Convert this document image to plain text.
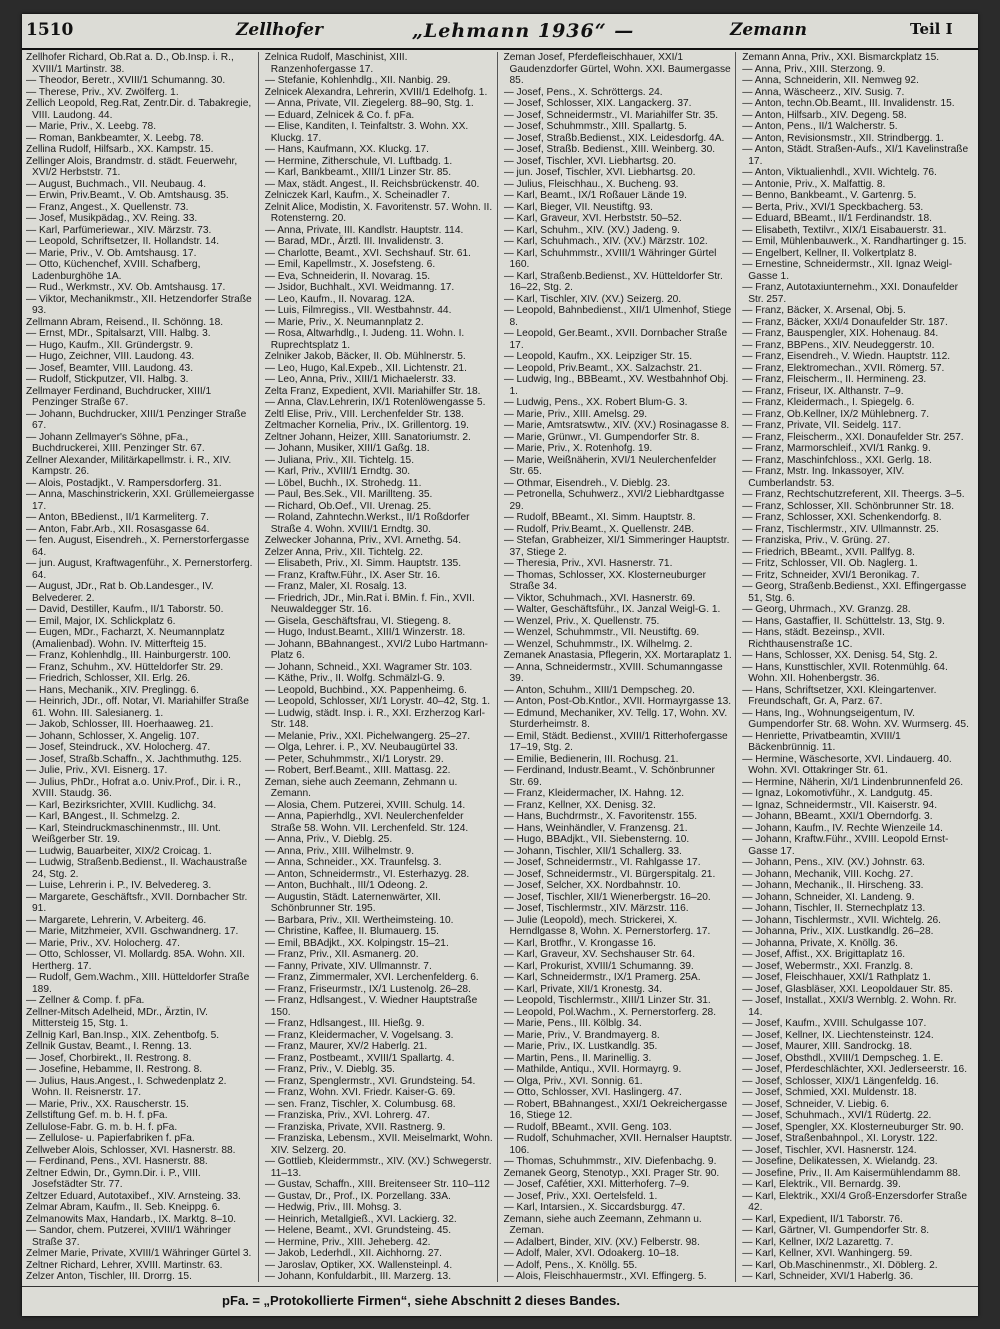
1510	Zellhofer	„Lehmann 1936“ —	Zemann	Teil I

Zellhofer Richard, Ob.Rat a. D., Ob.Insp. i. R., XVIII/1 Martinstr. 38.

— Theodor, Beretr., XVIII/1 Schumanng. 30.

— Therese, Priv., XV. Zwölferg. 1.

Zellich Leopold, Reg.Rat, Zentr.Dir. d. Tabakregie, VIII. Laudong. 44.

— Marie, Priv., X. Leebg. 78.

— Roman, Bankbeamter, X. Leebg. 78.

Zellina Rudolf, Hilfsarb., XX. Kampstr. 15.

Zellinger Alois, Brandmstr. d. städt. Feuerwehr, XVI/2 Herbststr. 71.

— August, Buchmach., VII. Neubaug. 4.

— Erwin, Priv.Beamt., V. Ob. Amtshausg. 35.

— Franz, Angest., X. Quellenstr. 73.

— Josef, Musikpädag., XV. Reing. 33.

— Karl, Parfümeriewar., XIV. Märzstr. 73.

— Leopold, Schriftsetzer, II. Hollandstr. 14.

— Marie, Priv., V. Ob. Amtshausg. 17.

— Otto, Küchenchef, XVIII. Schafberg, Ladenburghöhe 1A.

— Rud., Werkmstr., XV. Ob. Amtshausg. 17.

— Viktor, Mechanikmstr., XII. Hetzendorfer Straße 93.

Zellmann Abram, Reisend., II. Schönng. 18.

— Ernst, MDr., Spitalsarzt, VIII. Halbg. 3.

— Hugo, Kaufm., XII. Gründergstr. 9.

— Hugo, Zeichner, VIII. Laudong. 43.

— Josef, Beamter, VIII. Laudong. 43.

— Rudolf, Stickputzer, VII. Halbg. 3.

Zellmayer Ferdinand, Buchdrucker, XIII/1 Penzinger Straße 67.

— Johann, Buchdrucker, XIII/1 Penzinger Straße 67.

— Johann Zellmayer's Söhne, pFa., Buchdruckerei, XIII. Penzinger Str. 67.

Zellner Alexander, Militärkapellmstr. i. R., XIV. Kampstr. 26.

— Alois, Postadjkt., V. Rampersdorferg. 31.

— Anna, Maschinstrickerin, XXI. Grüllemeiergasse 17.

— Anton, BBedienst., II/1 Karmeliterg. 7.

— Anton, Fabr.Arb., XII. Rosasgasse 64.

— fen. August, Eisendreh., X. Pernerstorfergasse 64.

— jun. August, Kraftwagenführ., X. Pernerstorferg. 64.

— August, JDr., Rat b. Ob.Landesger., IV. Belvederег. 2.

— David, Destiller, Kaufm., II/1 Taborstr. 50.

— Emil, Major, IX. Schlickplatz 6.

— Eugen, MDr., Facharzt, X. Neumannplatz (Amalienbad). Wohn. IV. Mitterfteig 15.

— Franz, Kohlenhdlg., III. Hainburgerstr. 100.

— Franz, Schuhm., XV. Hütteldorfer Str. 29.

— Friedrich, Schlosser, XII. Erlg. 26.

— Hans, Mechanik., XIV. Preglingg. 6.

— Heinrich, JDr., off. Notar, VI. Mariahilfer Straße 61. Wohn. III. Salesianerg. 1.

— Jakob, Schlosser, III. Hoerhaaweg. 21.

— Johann, Schlosser, X. Angelig. 107.

— Josef, Steindruck., XV. Holocherg. 47.

— Josef, Straßb.Schaffn., X. Jachthmuthg. 125.

— Julie, Priv., XVI. Eisnerg. 17.

— Julius, PhDr., Hofrat a.o. Univ.Prof., Dir. i. R., XVIII. Staudg. 36.

— Karl, Bezirksrichter, XVIII. Kudlichg. 34.

— Karl, BAngest., II. Schmelzg. 2.

— Karl, Steindruckmaschinenmstr., III. Unt. Weißgerber Str. 19.

— Ludwig, Bauarbeiter, XIX/2 Croicag. 1.

— Ludwig, Straßenb.Bedienst., II. Wachaustraße 24, Stg. 2.

— Luise, Lehrerin i. P., IV. Belvederеg. 3.

— Margarete, Geschäftsfr., XVII. Dornbacher Str. 91.

— Margarete, Lehrerin, V. Arbeiterg. 46.

— Marie, Mitzhmeier, XVII. Gschwandnerg. 17.

— Marie, Priv., XV. Holocherg. 47.

— Otto, Schlosser, VI. Mollardg. 85A. Wohn. XII. Hertherg. 17.

— Rudolf, Gem.Wachm., XIII. Hütteldorfer Straße 189.

— Zellner & Comp. f. pFa.

Zellner-Mitsch Adelheid, MDr., Ärztin, IV. Mittersteig 15, Stg. 1.

Zellnig Karl, Ban.Insp., XIX. Zehentbofg. 5.

Zellnik Gustav, Beamt., I. Renng. 13.

— Josef, Chorbirekt., II. Restrong. 8.

— Josefine, Hebamme, II. Restrong. 8.

— Julius, Haus.Angest., I. Schwedenplatz 2. Wohn. II. Reisnerstr. 17.

— Marie, Priv., XX. Rauscherstr. 15.

Zellstiftung Gef. m. b. H. f. pFa.

Zellulose-Fabr. G. m. b. H. f. pFa.

— Zellulose- u. Papierfabriken f. pFa.

Zellweber Alois, Schlosser, XVI. Hasnerstr. 88.

— Ferdinand, Pens., XVI. Hasnerstr. 88.

Zeltner Edwin, Dr., Gymn.Dir. i. P., VIII. Josefstädter Str. 77.

Zeltzer Eduard, Autotaxibef., XIV. Arnsteing. 33.

Zelmar Abram, Kaufm., II. Seb. Kneippg. 6.

Zelmanowits Max, Handarb., IX. Marktg. 8–10.

— Sandor, chem. Putzerei, XVIII/1 Währinger Straße 37.

Zelmer Marie, Private, XVIII/1 Währinger Gürtel 3.

Zeltner Richard, Lehrer, XVIII. Martinstr. 63.

Zelzer Anton, Tischler, III. Drorrg. 15.

Zelnica Rudolf, Maschinist, XIII. Ranzenhofergasse 17.

— Stefanie, Kohlenhdlg., XII. Nanbig. 29.

Zelnicek Alexandra, Lehrerin, XVIII/1 Edelhofg. 1.

— Anna, Private, VII. Ziegelerg. 88–90, Stg. 1.

— Eduard, Zelnicek & Co. f. pFa.

— Elise, Kanditen, I. Teinfaltstr. 3. Wohn. XX. Kluckg. 17.

— Hans, Kaufmann, XX. Kluckg. 17.

— Hermine, Zitherschule, VI. Luftbadg. 1.

— Karl, Bankbeamt., XIII/1 Linzer Str. 85.

— Max, städt. Angest., II. Reichsbrückenstr. 40.

Zelniczek Karl, Kaufm., X. Scheinadler 7.

Zelnit Alice, Modistin, X. Favoritenstr. 57. Wohn. II. Rotensterng. 20.

— Anna, Private, III. Kandlstr. Hauptstr. 114.

— Barad, MDr., Ärztl. III. Invalidenstr. 3.

— Charlotte, Beamt., XVI. Sechshauf. Str. 61.

— Emil, Kapellmstr., X. Josefsteng. 6.

— Eva, Schneiderin, II. Novarag. 15.

— Jsidor, Buchhalt., XVI. Weidmanng. 17.

— Leo, Kaufm., II. Novarag. 12A.

— Luis, Filmregiss., VII. Westbahnstr. 44.

— Marie, Priv., X. Neumannplatz 2.

— Rosa, Altwarhdlg., I. Judeng. 11. Wohn. I. Ruprechtsplatz 1.

Zelniker Jakob, Bäcker, II. Ob. Mühlnerstr. 5.

— Leo, Hugo, Kal.Expeb., XII. Lichtenstr. 21.

— Leo, Anna, Priv., XIII/1 Michaelerstr. 33.

Zelta Franz, Expedient, XVII. Mariahilfer Str. 18.

— Anna, Clav.Lehrerin, IX/1 Rotenlöwengasse 5.

Zeltl Elise, Priv., VIII. Lerchenfelder Str. 138.

Zeltmacher Kornelia, Priv., IX. Grillentorg. 19.

Zeltner Johann, Heizer, XIII. Sanatoriumstr. 2.

— Johann, Musiker, XIII/1 Gaßg. 18.

— Juliana, Priv., XII. Tichtelg. 15.

— Karl, Priv., XVIII/1 Erndtg. 30.

— Löbel, Buchh., IX. Strohedg. 11.

— Paul, Bes.Sek., VII. Marillteng. 35.

— Richard, Ob.Oef., VII. Urenag. 25.

— Roland, Zahntechn.Werkst., II/1 Roßdorfer Straße 4. Wohn. XVIII/1 Erndtg. 30.

Zelwecker Johanna, Priv., XVI. Arnethg. 54.

Zelzer Anna, Priv., XII. Tichtelg. 22.

— Elisabeth, Priv., XI. Simm. Hauptstr. 135.

— Franz, Kraftw.Führ., IX. Aser Str. 16.

— Franz, Maler, XI. Rosalg. 13.

— Friedrich, JDr., Min.Rat i. BMin. f. Fin., XVII. Neuwaldegger Str. 16.

— Gisela, Geschäftsfrau, VI. Stiegeng. 8.

— Hugo, Indust.Beamt., XIII/1 Winzerstr. 18.

— Johann, BBahnangest., XVI/2 Lubo Hartmann-Platz 6.

— Johann, Schneid., XXI. Wagramer Str. 103.

— Käthe, Priv., II. Wolfg. Schmälzl-G. 9.

— Leopold, Buchbind., XX. Pappenheimg. 6.

— Leopold, Schlosser, XI/1 Lorystr. 40–42, Stg. 1.

— Ludwig, städt. Insp. i. R., XXI. Erzherzog Karl-Str. 148.

— Melanie, Priv., XXI. Pichelwangerg. 25–27.

— Olga, Lehrer. i. P., XV. Neubaugürtel 33.

— Peter, Schuhmmstr., XI/1 Lorystr. 29.

— Robert, Berf.Beamt., XIII. Mattasg. 22.

Zeman, siehe auch Zeemann, Zehmann u. Zemann.

— Alosia, Chem. Putzerei, XVIII. Schulg. 14.

— Anna, Papierhdlg., XVI. Neulerchenfelder Straße 58. Wohn. VII. Lerchenfeld. Str. 124.

— Anna, Priv., V. Dieblg. 25.

— Anna, Priv., XIII. Wilhelmstr. 9.

— Anna, Schneider., XX. Traunfelsg. 3.

— Anton, Schneidermstr., VI. Esterhazyg. 28.

— Anton, Buchhalt., III/1 Odeong. 2.

— Augustin, Städt. Laternenwärter, XII. Schönbrunner Str. 195.

— Barbara, Priv., XII. Wertheimsteing. 10.

— Christine, Kaffee, II. Blumauerg. 15.

— Emil, BBAdjkt., XX. Kolpingstr. 15–21.

— Franz, Priv., XII. Asmanerg. 20.

— Fanny, Private, XIV. Ullmannstr. 7.

— Franz, Zimmermaler, XVI. Lerchenfelderg. 6.

— Franz, Friseurmstr., IX/1 Lustenolg. 26–28.

— Franz, Hdlsangest., V. Wiedner Hauptstraße 150.

— Franz, Hdlsangest., III. Hießg. 9.

— Franz, Kleidermacher, V. Vogelsang. 3.

— Franz, Maurer, XV/2 Haberlg. 21.

— Franz, Postbeamt., XVIII/1 Spallartg. 4.

— Franz, Priv., V. Dieblg. 35.

— Franz, Spenglermstr., XVI. Grundsteing. 54.

— Franz, Wohn. XVI. Friedr. Kaiser-G. 69.

— sen. Franz, Tischler, X. Columbusg. 68.

— Franziska, Priv., XVI. Lohrerg. 47.

— Franziska, Private, XVII. Rastnerg. 9.

— Franziska, Lebensm., XVII. Meiselmarkt, Wohn. XIV. Selzerg. 20.

— Gottlieb, Kleidermmstr., XIV. (XV.) Schwegerstr. 11–13.

— Gustav, Schaffn., XIII. Breitenseer Str. 110–112

— Gustav, Dr., Prof., IX. Porzellang. 33A.

— Hedwig, Priv., III. Mohsg. 3.

— Heinrich, Metallgieß., XVI. Lackierg. 32.

— Helene, Beamt., XVI. Grundsteing. 45.

— Hermine, Priv., XIII. Jeheberg. 42.

— Jakob, Lederhdl., XII. Aichhorng. 27.

— Jaroslav, Optiker, XX. Wallensteinpl. 4.

— Johann, Konfuldarbit., III. Marzerg. 13.

Zeman Josef, Pferdefleischhauer, XXI/1 Gaudenzdorfer Gürtel, Wohn. XXI. Baumergasse 85.

— Josef, Pens., X. Schröttergs. 24.

— Josef, Schlosser, XIX. Langackerg. 37.

— Josef, Schneidermstr., VI. Mariahilfer Str. 35.

— Josef, Schuhmmstr., XIII. Spallartg. 5.

— Josef, Straßb.Bedienst., XIX. Leidesdorfg. 4A.

— Josef, Straßb. Bedienst., XIII. Weinberg. 30.

— Josef, Tischler, XVI. Liebhartsg. 20.

— jun. Josef, Tischler, XVI. Liebhartsg. 20.

— Julius, Fleischhau., X. Bucheng. 93.

— Karl, Beamt., IX/1 Roßauer Lände 19.

— Karl, Bieger, VII. Neustiftg. 93.

— Karl, Graveur, XVI. Herbststr. 50–52.

— Karl, Schuhm., XIV. (XV.) Jadeng. 9.

— Karl, Schuhmach., XIV. (XV.) Märzstr. 102.

— Karl, Schuhmmstr., XVIII/1 Währinger Gürtel 160.

— Karl, Straßenb.Bedienst., XV. Hütteldorfer Str. 16–22, Stg. 2.

— Karl, Tischler, XIV. (XV.) Seizerg. 20.

— Leopold, Bahnbedienst., XII/1 Ulmenhof, Stiege 8.

— Leopold, Ger.Beamt., XVII. Dornbacher Straße 17.

— Leopold, Kaufm., XX. Leipziger Str. 15.

— Leopold, Priv.Beamt., XX. Salzachstr. 21.

— Ludwig, Ing., BBBeamt., XV. Westbahnhof Obj. 1.

— Ludwig, Pens., XX. Robert Blum-G. 3.

— Marie, Priv., XIII. Amelsg. 29.

— Marie, Amtsratswtw., XIV. (XV.) Rosinagasse 8.

— Marie, Grünwr., VI. Gumpendorfer Str. 8.

— Marie, Priv., X. Rotenhofg. 19.

— Marie, Weißnäherin, XVI/1 Neulerchenfelder Str. 65.

— Othmar, Eisendreh., V. Dieblg. 23.

— Petronella, Schuhwerz., XVI/2 Liebhardtgasse 29.

— Rudolf, BBeamt., XI. Simm. Hauptstr. 8.

— Rudolf, Priv.Beamt., X. Quellenstr. 24B.

— Stefan, Grabheizer, XI/1 Simmeringer Hauptstr. 37, Stiege 2.

— Theresia, Priv., XVI. Hasnerstr. 71.

— Thomas, Schlosser, XX. Klosterneuburger Straße 34.

— Viktor, Schuhmach., XVI. Hasnerstr. 69.

— Walter, Geschäftsführ., IX. Janzal Weigl-G. 1.

— Wenzel, Priv., X. Quellenstr. 75.

— Wenzel, Schuhmmstr., VII. Neustiftg. 69.

— Wenzel, Schuhmmstr., IX. Wilhelmg. 2.

Zemanek Anastasia, Pflegerin, XX. Mortaraplatz 1.

— Anna, Schneidermstr., XVIII. Schumanngasse 39.

— Anton, Schuhm., XIII/1 Dempscheg. 20.

— Anton, Post-Ob.Kntlor., XVII. Hormayrgasse 13.

— Edmund, Mechaniker, XV. Tellg. 17, Wohn. XV. Sturderhеimstr. 8.

— Emil, Städt. Bedienst., XVIII/1 Ritterhofergasse 17–19, Stg. 2.

— Emilie, Bedienerin, III. Rochusg. 21.

— Ferdinand, Industr.Beamt., V. Schönbrunner Str. 69.

— Franz, Kleidermacher, IX. Hahng. 12.

— Franz, Kellner, XX. Denisg. 32.

— Hans, Buchdrmstr., X. Favoritenstr. 155.

— Hans, Weinhändler, V. Franzensg. 21.

— Hugo, BBAdjkt., VII. Siebensterng. 10.

— Johann, Tischler, XII/1 Schallerg. 33.

— Josef, Schneidermstr., VI. Rahlgasse 17.

— Josef, Schneidermstr., VI. Bürgerspitalg. 21.

— Josef, Selcher, XX. Nordbahnstr. 10.

— Josef, Tischler, XII/1 Wienerbergstr. 16–20.

— Josef, Tischlermstr., XIV. Märzstr. 116.

— Julie (Leopold), mech. Strickerei, X. Herndlgasse 8, Wohn. X. Pernerstorferg. 17.

— Karl, Brotfhr., V. Krongasse 16.

— Karl, Graveur, XV. Sechshauser Str. 64.

— Karl, Prokurist, XVIII/1 Schumanng. 39.

— Karl, Schneidermstr., IX/1 Pramerg. 25A.

— Karl, Private, XII/1 Kronestg. 34.

— Leopold, Tischlermstr., XIII/1 Linzer Str. 31.

— Leopold, Pol.Wachm., X. Pernerstorferg. 28.

— Marie, Pens., III. Kölblg. 34.

— Marie, Priv., V. Brandmayerg. 8.

— Marie, Priv., IX. Lustkandlg. 35.

— Martin, Pens., II. Marinellig. 3.

— Mathilde, Antiqu., XVII. Hormayrg. 9.

— Olga, Priv., XVI. Sonnig. 61.

— Otto, Schlosser, XVI. Haslingerg. 47.

— Robert, BBahnangest., XXI/1 Oekreichergasse 16, Stiege 12.

— Rudolf, BBeamt., XVII. Geng. 103.

— Rudolf, Schuhmacher, XVII. Hernalser Hauptstr. 106.

— Thomas, Schuhmmstr., XIV. Diefenbachg. 9.

Zemanek Georg, Stenotyp., XXI. Prager Str. 90.

— Josef, Cafétier, XXI. Mitterhoferg. 7–9.

— Josef, Priv., XXI. Oertelsfeld. 1.

— Karl, Intarsien., X. Siccardsburgg. 47.

Zemann, siehe auch Zeemann, Zehmann u. Zeman.

— Adalbert, Binder, XIV. (XV.) Felberstr. 98.

— Adolf, Maler, XVI. Odoakerg. 10–18.

— Adolf, Pens., X. Knöllg. 55.

— Alois, Fleischhauermstr., XVI. Effingerg. 5.

Zemann Anna, Priv., XXI. Bismarckplatz 15.

— Anna, Priv., XIII. Sterzong. 9.

— Anna, Schneiderin, XII. Nemweg 92.

— Anna, Wäscheerz., XIV. Susig. 7.

— Anton, techn.Ob.Beamt., III. Invalidenstr. 15.

— Anton, Hilfsarb., XIV. Degeng. 58.

— Anton, Pens., II/1 Walcherstr. 5.

— Anton, Revisionsmstr., XII. Strindbergg. 1.

— Anton, Städt. Straßen-Aufs., XI/1 Kavelinstraße 17.

— Anton, Viktualienhdl., XVII. Wichtelg. 76.

— Antonie, Priv., X. Malfattig. 8.

— Benno, Bankbeamt., V. Gartenrg. 5.

— Berta, Priv., XVI/1 Speckbacherg. 53.

— Eduard, BBeamt., II/1 Ferdinandstr. 18.

— Elisabeth, Textilvr., XIX/1 Eisabauerstr. 31.

— Emil, Mühlenbauwerk., X. Randhartinger g. 15.

— Engelbert, Kellner, II. Volkertplatz 8.

— Ernestine, Schneidermstr., XII. Ignaz Weigl-Gasse 1.

— Franz, Autotaxiunternehm., XXI. Donaufelder Str. 257.

— Franz, Bäcker, X. Arsenal, Obj. 5.

— Franz, Bäcker, XXI/4 Donaufelder Str. 187.

— Franz, Bauspengler, XIX. Hohenaug. 84.

— Franz, BBPens., XIV. Neudeggerstr. 10.

— Franz, Eisendreh., V. Wiedn. Hauptstr. 112.

— Franz, Elektromechan., XVII. Römerg. 57.

— Franz, Fleischerm., II. Hermineng. 23.

— Franz, Friseur, IX. Althanstr. 7–9.

— Franz, Kleidermach., I. Spiegelg. 6.

— Franz, Ob.Kellner, IX/2 Mühlebnerg. 7.

— Franz, Private, VII. Seidelg. 117.

— Franz, Fleischerm., XXI. Donaufelder Str. 257.

— Franz, Marmorschleif., XVI/1 Rankg. 9.

— Franz, Maschinfchloss., XXI. Gerlg. 18.

— Franz, Mstr. Ing. Inkassoyer, XIV. Cumberlandstr. 53.

— Franz, Rechtschutzreferent, XII. Theergs. 3–5.

— Franz, Schlosser, XII. Schönbrunner Str. 18.

— Franz, Schlosser, XXI. Schenkendorfg. 8.

— Franz, Tischlermstr., XIV. Ullmannstr. 25.

— Franziska, Priv., V. Grüng. 27.

— Friedrich, BBeamt., XVII. Pallfyg. 8.

— Fritz, Schlosser, VII. Ob. Naglerg. 1.

— Fritz, Schneider, XVI/1 Beronikag. 7.

— Georg, Straßenb.Bedienst., XXI. Effingergasse 51, Stg. 6.

— Georg, Uhrmach., XV. Granzg. 28.

— Hans, Gastaffier, II. Schüttelstr. 13, Stg. 9.

— Hans, städt. Bezeinsp., XVII. Richthausenstraße 1C.

— Hans, Schlosser, XX. Denisg. 54, Stg. 2.

— Hans, Kunsttischler, XVII. Rotenmühlg. 64. Wohn. XII. Hohenbergstr. 36.

— Hans, Schriftsetzer, XXI. Kleingartenver. Freundschaft, Gr. A, Parz. 67.

— Hans, Ing., Wohnungseigentum, IV. Gumpendorfer Str. 68. Wohn. XV. Wurmserg. 45.

— Henriette, Privatbeamtin, XVIII/1 Bäckenbrünnig. 11.

— Hermine, Wäschesorte, XVI. Lindauerg. 40. Wohn. XVI. Ottakringer Str. 61.

— Hermine, Näherin, XI/1 Lindenbrunnenfeld 26.

— Ignaz, Lokomotivführ., X. Landgutg. 45.

— Ignaz, Schneidermstr., VII. Kaiserstr. 94.

— Johann, BBeamt., XXI/1 Oberndorfg. 3.

— Johann, Kaufm., IV. Rechte Wienzeile 14.

— Johann, Kraftw.Führ., XVIII. Leopold Ernst-Gasse 17.

— Johann, Pens., XIV. (XV.) Johnstr. 63.

— Johann, Mechanik, VIII. Kochg. 27.

— Johann, Mechanik., II. Hirscheng. 33.

— Johann, Schneider, XI. Landeng. 9.

— Johann, Tischler, II. Sternechplatz 13.

— Johann, Tischlermstr., XVII. Wichtelg. 26.

— Johanna, Priv., XIX. Lustkandlg. 26–28.

— Johanna, Private, X. Knöllg. 36.

— Josef, Affist., XX. Brigittaplatz 16.

— Josef, Webermstr., XXI. Franzlg. 8.

— Josef, Fleischhauer, XXI/1 Rathplatz 1.

— Josef, Glasbläser, XXI. Leopoldauer Str. 85.

— Josef, Installat., XXI/3 Wernblg. 2. Wohn. Rr. 14.

— Josef, Kaufm., XVIII. Schulgasse 107.

— Josef, Kellner, IX. Liechtensteinstr. 124.

— Josef, Maurer, XIII. Sandrockg. 18.

— Josef, Obsthdl., XVIII/1 Dempscheg. 1. E.

— Josef, Pferdeschlächter, XXI. Jedlerseerstr. 16.

— Josef, Schlosser, XIX/1 Längenfeldg. 16.

— Josef, Schmied, XXI. Muldenstr. 18.

— Josef, Schneider, V. Liebig. 6.

— Josef, Schuhmach., XVI/1 Rüdertg. 22.

— Josef, Spengler, XX. Klosterneuburger Str. 90.

— Josef, Straßenbahnpol., XI. Lorystr. 122.

— Josef, Tischler, XVI. Hasnerstr. 124.

— Josefine, Delikatessen, X. Wielandg. 23.

— Josefine, Priv., II. Am Kaisermühlendamm 88.

— Karl, Elektrik., VII. Bernardg. 39.

— Karl, Elektrik., XXI/4 Groß-Enzersdorfer Straße 42.

— Karl, Expedient, II/1 Taborstr. 76.

— Karl, Gärtner, VI. Gumpendorfer Str. 8.

— Karl, Kellner, IX/2 Lazarettg. 7.

— Karl, Kellner, XVI. Wanhingerg. 59.

— Karl, Ob.Maschinenmstr., XI. Döblerg. 2.

— Karl, Schneider, XVI/1 Haberlg. 36.

pFa. = „Protokollierte Firmen“, siehe Abschnitt 2 dieses Bandes.
